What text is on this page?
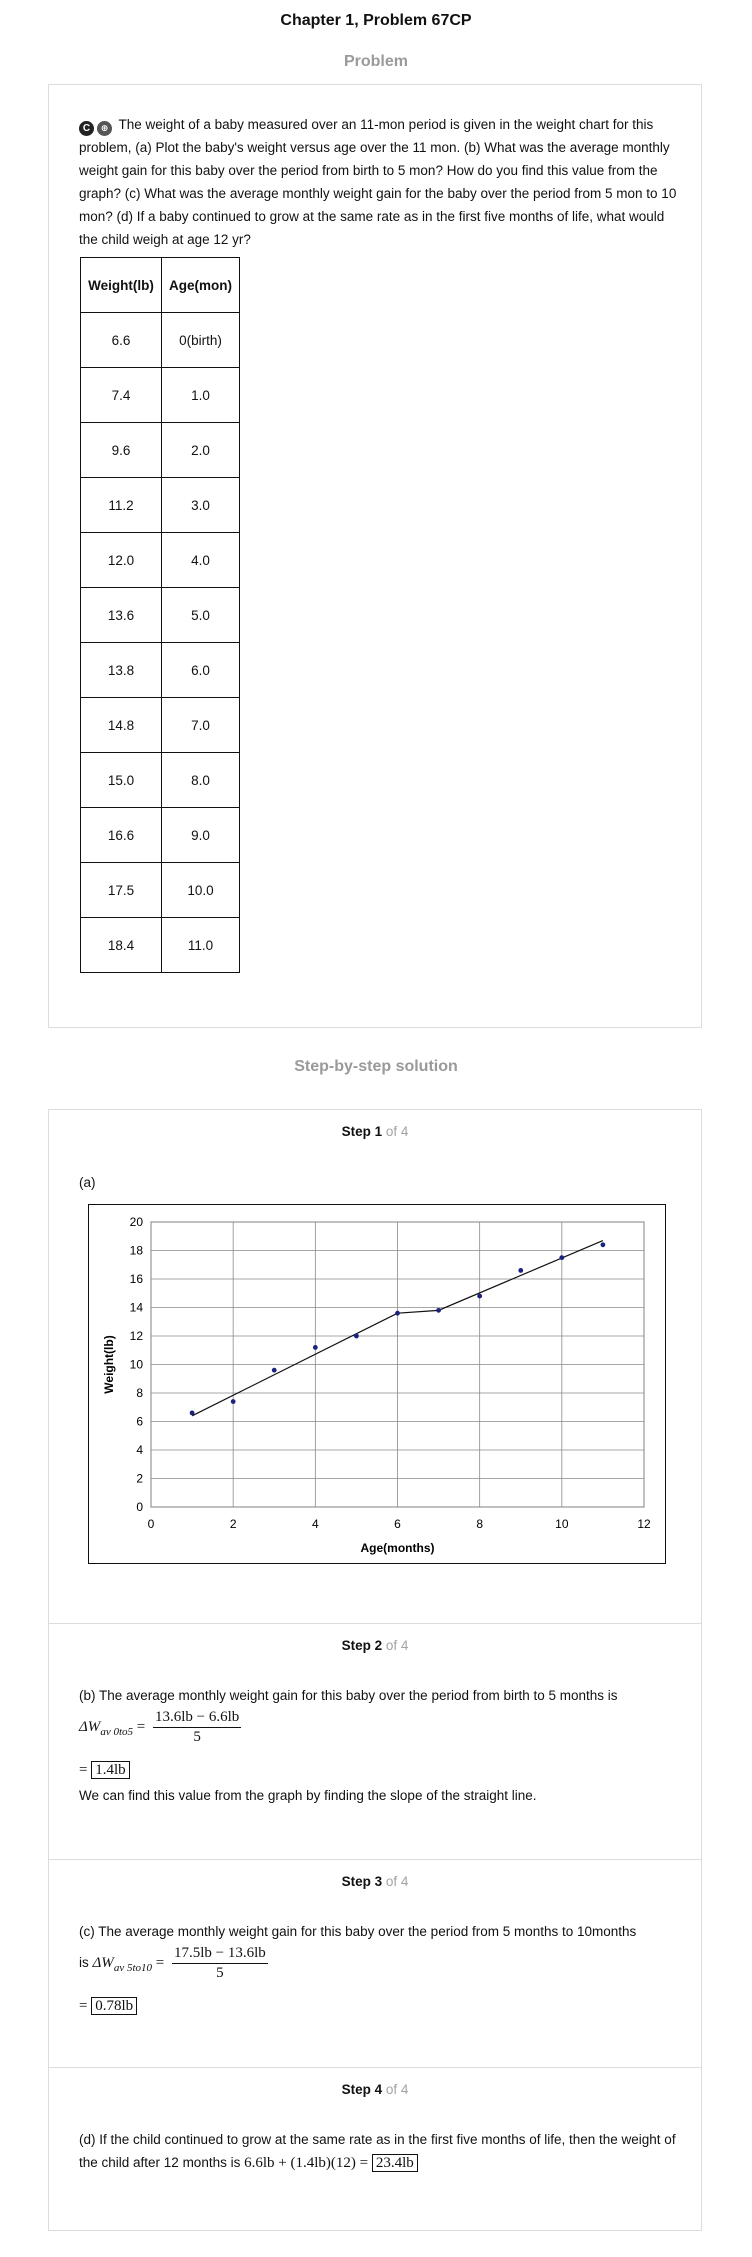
Chapter 1, Problem 67CP
Problem
C ⊕ The weight of a baby measured over an 11-mon period is given in the weight chart for this problem, (a) Plot the baby's weight versus age over the 11 mon. (b) What was the average monthly weight gain for this baby over the period from birth to 5 mon? How do you find this value from the graph? (c) What was the average monthly weight gain for the baby over the period from 5 mon to 10 mon? (d) If a baby continued to grow at the same rate as in the first five months of life, what would the child weigh at age 12 yr?
Weight(lb)	Age(mon)
6.6	0(birth)
7.4	1.0
9.6	2.0
11.2	3.0
12.0	4.0
13.6	5.0
13.8	6.0
14.8	7.0
15.0	8.0
16.6	9.0
17.5	10.0
18.4	11.0
Step-by-step solution
Step 1 of 4
(a)
0
2
4
6
8
10
12
14
16
18
20
0	2	4	6	8	10	12
Age(months)
Weight(lb)
Step 2 of 4
(b) The average monthly weight gain for this baby over the period from birth to 5 months is
$\Delta W_{av 0to5} = \frac{13.6lb - 6.6lb}{5}$
= 1.4lb
We can find this value from the graph by finding the slope of the straight line.
Step 3 of 4
(c) The average monthly weight gain for this baby over the period from 5 months to 10months
is $\Delta W_{av 5to10} = \frac{17.5lb - 13.6lb}{5}$
= 0.78lb
Step 4 of 4
(d) If the child continued to grow at the same rate as in the first five months of life, then the weight of the child after 12 months is 6.6lb + (1.4lb)(12) = 23.4lb
